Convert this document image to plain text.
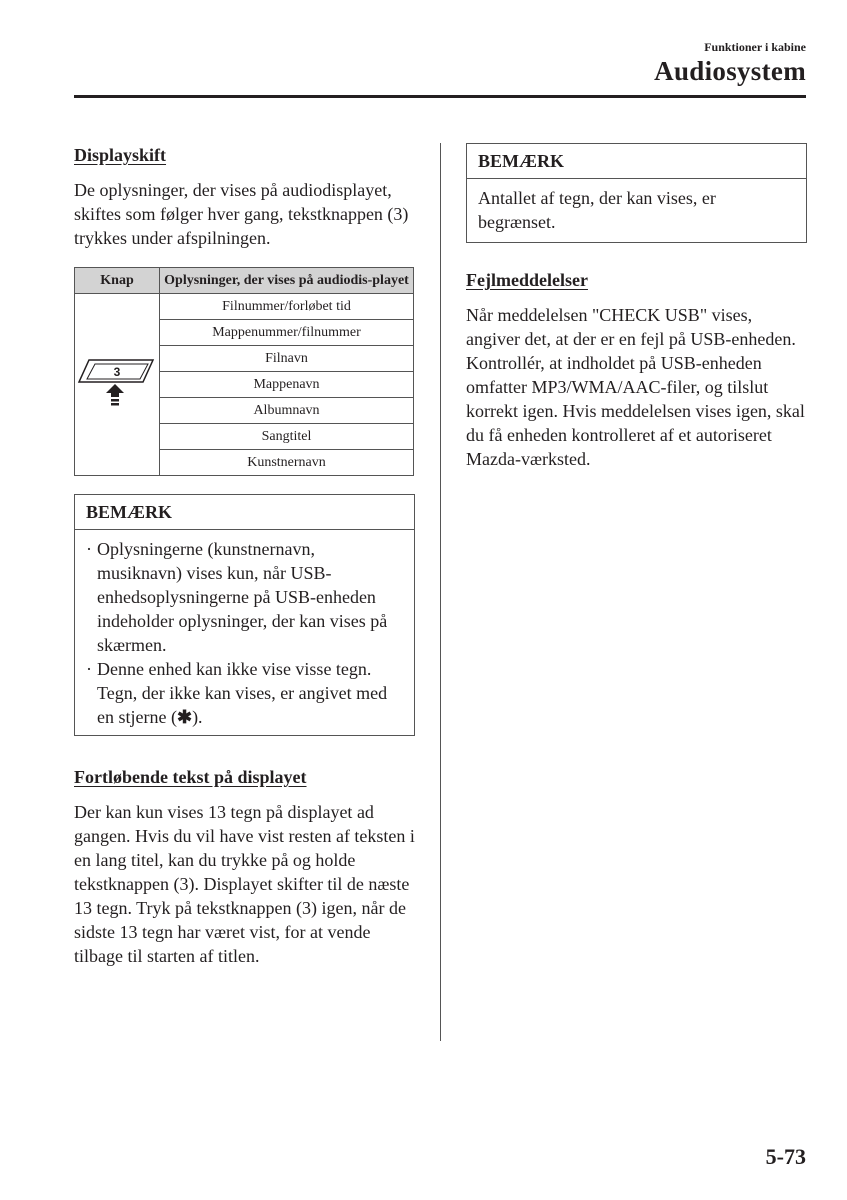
Funktioner i kabine
Audiosystem
Displayskift

De oplysninger, der vises på audiodisplayet, skiftes som følger hver gang, tekstknappen (3) trykkes under afspilningen.

Knap	Oplysninger, der vises på audiodis-playet

3	Filnummer/forløbet tid
	Mappenummer/filnummer
	Filnavn
	Mappenavn
	Albumnavn
	Sangtitel
	Kunstnernavn
BEMÆRK
· Oplysningerne (kunstnernavn, musiknavn) vises kun, når USB-enhedsoplysningerne på USB-enheden indeholder oplysninger, der kan vises på skærmen.
· Denne enhed kan ikke vise visse tegn. Tegn, der ikke kan vises, er angivet med en stjerne (✱).
Fortløbende tekst på displayet

Der kan kun vises 13 tegn på displayet ad gangen. Hvis du vil have vist resten af teksten i en lang titel, kan du trykke på og holde tekstknappen (3). Displayet skifter til de næste 13 tegn. Tryk på tekstknappen (3) igen, når de sidste 13 tegn har været vist, for at vende tilbage til starten af titlen.

BEMÆRK
Antallet af tegn, der kan vises, er begrænset.
Fejlmeddelelser

Når meddelelsen "CHECK USB" vises, angiver det, at der er en fejl på USB-enheden. Kontrollér, at indholdet på USB-enheden omfatter MP3/WMA/AAC-filer, og tilslut korrekt igen. Hvis meddelelsen vises igen, skal du få enheden kontrolleret af et autoriseret Mazda-værksted.

5-73
